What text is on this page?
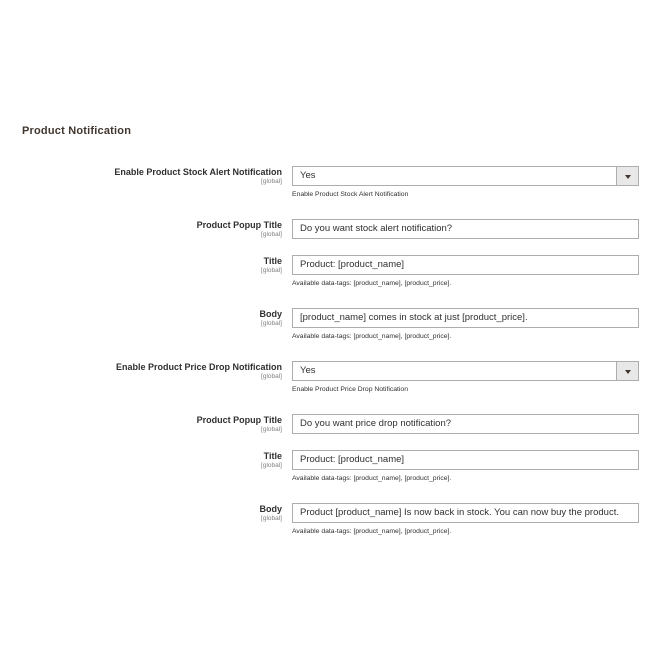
Product Notification
Enable Product Stock Alert Notification
[global]
Yes
Enable Product Stock Alert Notification
Product Popup Title
[global]
Do you want stock alert notification?
Title
[global]
Product: [product_name]
Available data-tags: [product_name], [product_price].
Body
[global]
[product_name] comes in stock at just [product_price].
Available data-tags: [product_name], [product_price].
Enable Product Price Drop Notification
[global]
Yes
Enable Product Price Drop Notification
Product Popup Title
[global]
Do you want price drop notification?
Title
[global]
Product: [product_name]
Available data-tags: [product_name], [product_price].
Body
[global]
Product [product_name] Is now back in stock. You can now buy the product.
Available data-tags: [product_name], [product_price].
